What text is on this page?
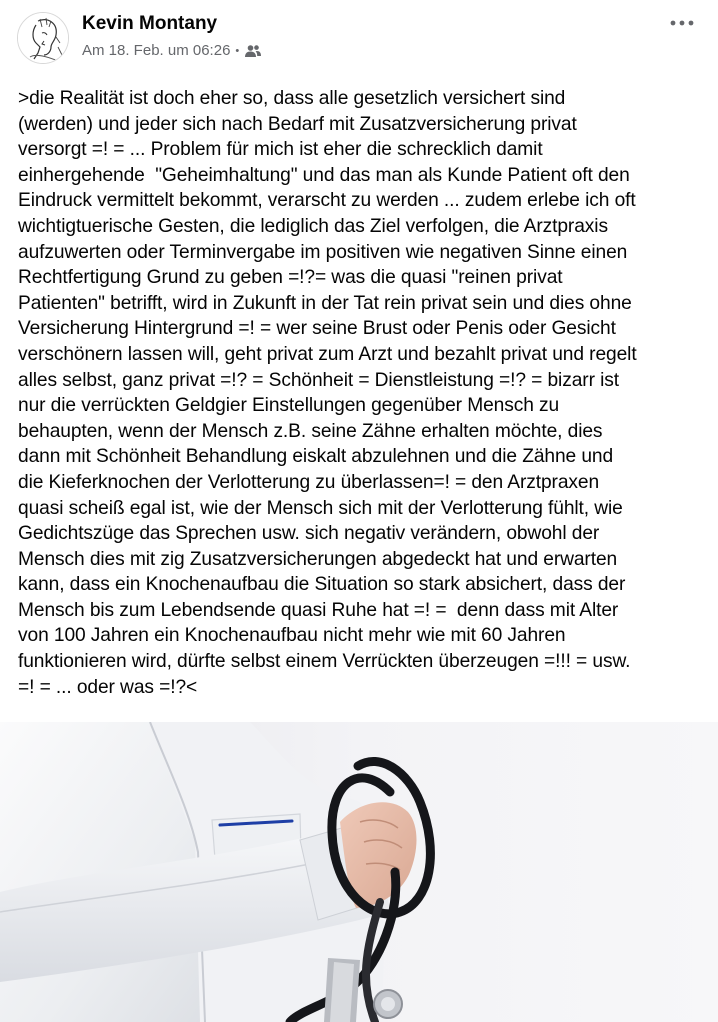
Kevin Montany
Am 18. Feb. um 06:26 •
>die Realität ist doch eher so, dass alle gesetzlich versichert sind
(werden) und jeder sich nach Bedarf mit Zusatzversicherung privat
versorgt =! = ... Problem für mich ist eher die schrecklich damit
einhergehende  "Geheimhaltung" und das man als Kunde Patient oft den
Eindruck vermittelt bekommt, verarscht zu werden ... zudem erlebe ich oft
wichtigtuerische Gesten, die lediglich das Ziel verfolgen, die Arztpraxis
aufzuwerten oder Terminvergabe im positiven wie negativen Sinne einen
Rechtfertigung Grund zu geben =!?= was die quasi "reinen privat
Patienten" betrifft, wird in Zukunft in der Tat rein privat sein und dies ohne
Versicherung Hintergrund =! = wer seine Brust oder Penis oder Gesicht
verschönern lassen will, geht privat zum Arzt und bezahlt privat und regelt
alles selbst, ganz privat =!? = Schönheit = Dienstleistung =!? = bizarr ist
nur die verrückten Geldgier Einstellungen gegenüber Mensch zu
behaupten, wenn der Mensch z.B. seine Zähne erhalten möchte, dies
dann mit Schönheit Behandlung eiskalt abzulehnen und die Zähne und
die Kieferknochen der Verlotterung zu überlassen=! = den Arztpraxen
quasi scheiß egal ist, wie der Mensch sich mit der Verlotterung fühlt, wie
Gedichtszüge das Sprechen usw. sich negativ verändern, obwohl der
Mensch dies mit zig Zusatzversicherungen abgedeckt hat und erwarten
kann, dass ein Knochenaufbau die Situation so stark absichert, dass der
Mensch bis zum Lebendsende quasi Ruhe hat =! =  denn dass mit Alter
von 100 Jahren ein Knochenaufbau nicht mehr wie mit 60 Jahren
funktionieren wird, dürfte selbst einem Verrückten überzeugen =!!! = usw.
=! = ... oder was =!?<
